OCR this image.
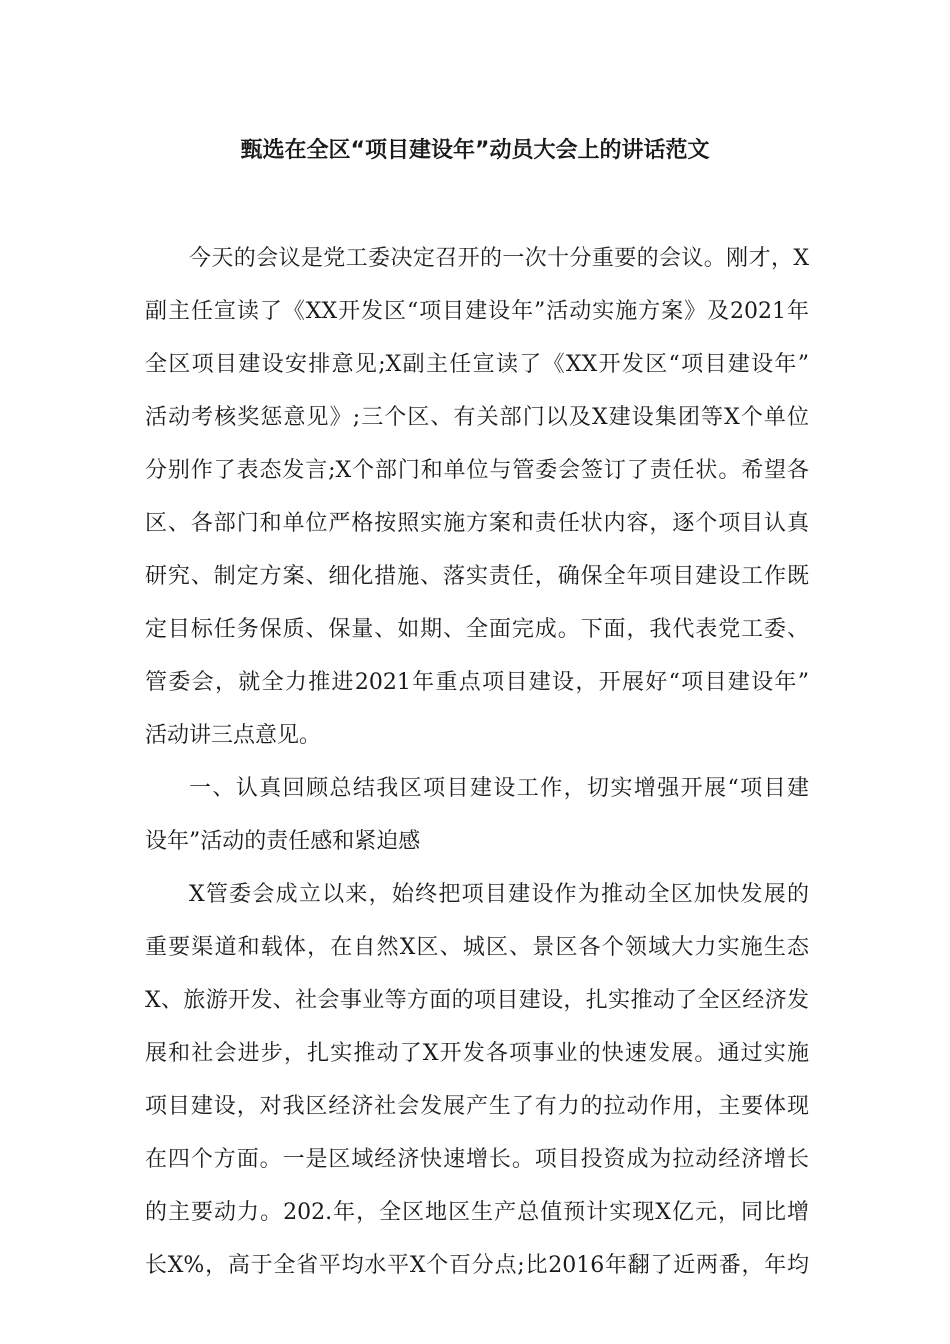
甄选在全区“项目建设年”动员大会上的讲话范文
今天的会议是党工委决定召开的一次十分重要的会议。刚才，X
副主任宣读了《XX开发区“项目建设年”活动实施方案》及2021年
全区项目建设安排意见;X副主任宣读了《XX开发区“项目建设年”
活动考核奖惩意见》;三个区、有关部门以及X建设集团等X个单位
分别作了表态发言;X个部门和单位与管委会签订了责任状。希望各
区、各部门和单位严格按照实施方案和责任状内容，逐个项目认真
研究、制定方案、细化措施、落实责任，确保全年项目建设工作既
定目标任务保质、保量、如期、全面完成。下面，我代表党工委、
管委会，就全力推进2021年重点项目建设，开展好“项目建设年”
活动讲三点意见。
一、认真回顾总结我区项目建设工作，切实增强开展“项目建
设年”活动的责任感和紧迫感
X管委会成立以来，始终把项目建设作为推动全区加快发展的
重要渠道和载体，在自然X区、城区、景区各个领域大力实施生态
X、旅游开发、社会事业等方面的项目建设，扎实推动了全区经济发
展和社会进步，扎实推动了X开发各项事业的快速发展。通过实施
项目建设，对我区经济社会发展产生了有力的拉动作用，主要体现
在四个方面。一是区域经济快速增长。项目投资成为拉动经济增长
的主要动力。202.年，全区地区生产总值预计实现X亿元，同比增
长X%，高于全省平均水平X个百分点;比2016年翻了近两番，年均
